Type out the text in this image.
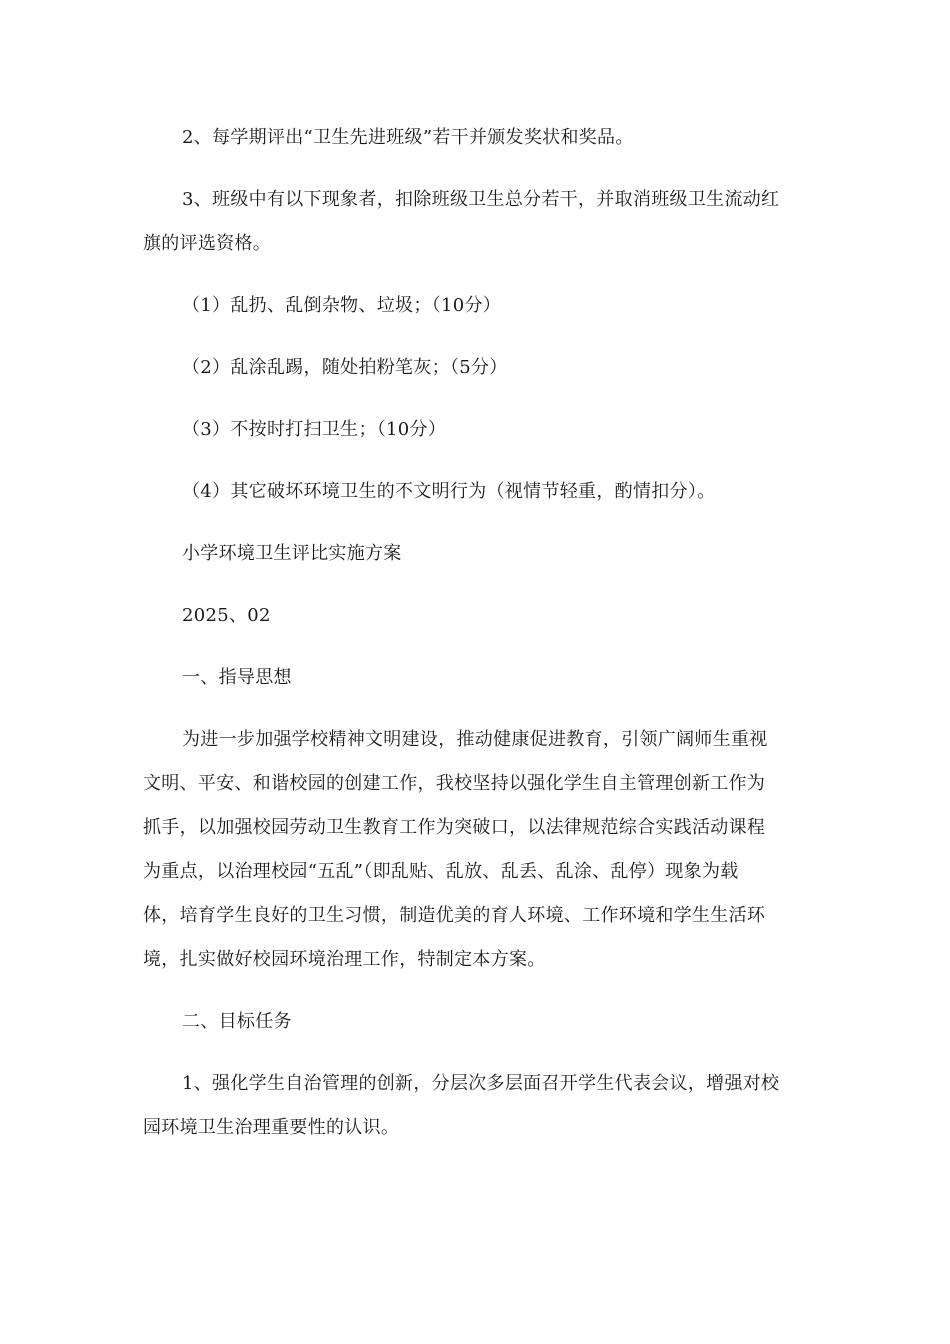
2、每学期评出“卫生先进班级”若干并颁发奖状和奖品。
3、班级中有以下现象者，扣除班级卫生总分若干，并取消班级卫生流动红
旗的评选资格。
（1）乱扔、乱倒杂物、垃圾；（10分）
（2）乱涂乱踢，随处拍粉笔灰；（5分）
（3）不按时打扫卫生；（10分）
（4）其它破坏环境卫生的不文明行为（视情节轻重，酌情扣分）。
小学环境卫生评比实施方案
2025、02
一、指导思想
为进一步加强学校精神文明建设，推动健康促进教育，引领广阔师生重视
文明、平安、和谐校园的创建工作，我校坚持以强化学生自主管理创新工作为
抓手，以加强校园劳动卫生教育工作为突破口，以法律规范综合实践活动课程
为重点，以治理校园“五乱”（即乱贴、乱放、乱丢、乱涂、乱停）现象为载
体，培育学生良好的卫生习惯，制造优美的育人环境、工作环境和学生生活环
境，扎实做好校园环境治理工作，特制定本方案。
二、目标任务
1、强化学生自治管理的创新，分层次多层面召开学生代表会议，增强对校
园环境卫生治理重要性的认识。
